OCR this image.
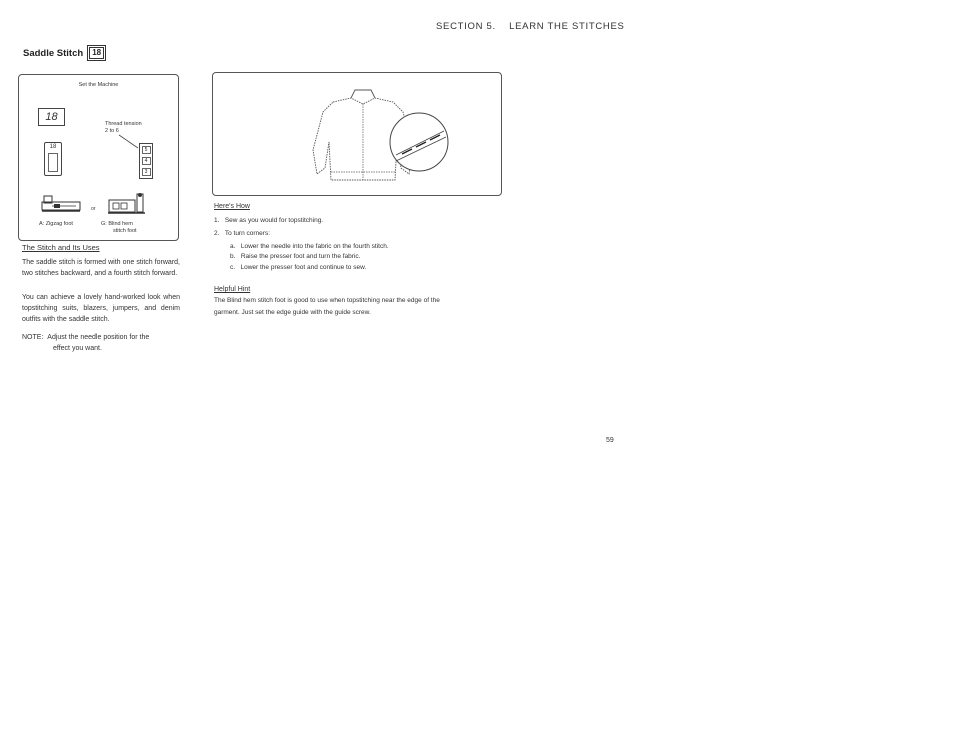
SECTION 5. LEARN THE STITCHES
Saddle Stitch	18
Set the Machine
18
18
Thread tension
2 to 6
5
4
3
or
A: Zigzag foot	G: Blind hem
stitch foot
The Stitch and Its Uses
The saddle stitch is formed with one stitch forward, two stitches backward, and a fourth stitch forward.
You can achieve a lovely hand-worked look when topstitching suits, blazers, jumpers, and denim outfits with the saddle stitch.
NOTE: Adjust the needle position for the
effect you want.
Here's How
1. Sew as you would for topstitching.
2. To turn corners:
a. Lower the needle into the fabric on the fourth stitch.
b. Raise the presser foot and turn the fabric.
c. Lower the presser foot and continue to sew.
Helpful Hint
The Blind hem stitch foot is good to use when topstitching near the edge of the
garment. Just set the edge guide with the guide screw.
59
